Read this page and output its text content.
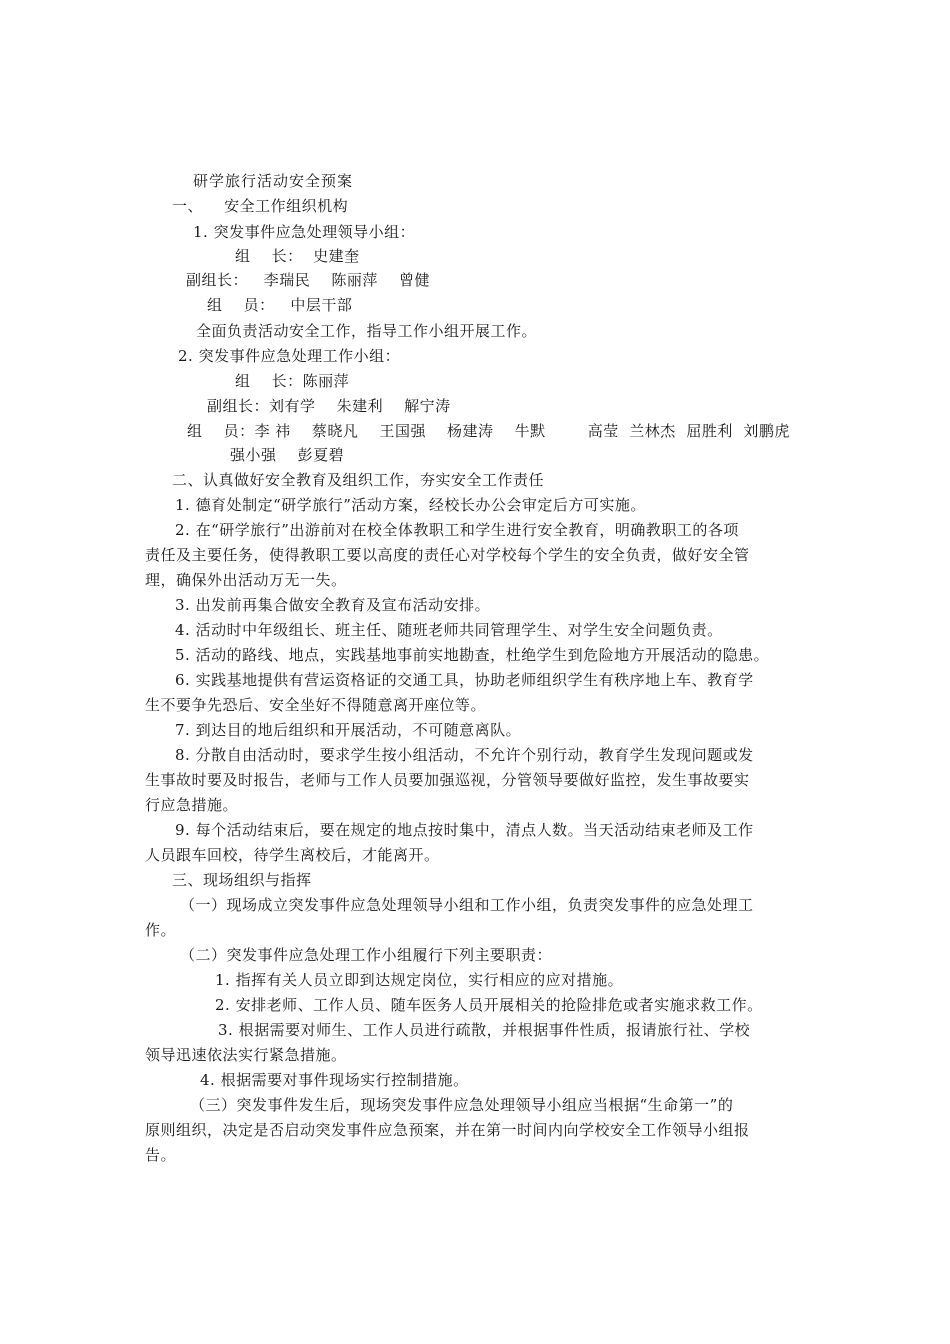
研学旅行活动安全预案

一、    安全工作组织机构

1. 突发事件应急处理领导小组：

组    长：  史建奎

副组长：   李瑞民    陈丽萍    曾健

组    员：   中层干部

全面负责活动安全工作，指导工作小组开展工作。

2. 突发事件应急处理工作小组：

组    长：陈丽萍

副组长：刘有学    朱建利    解宁涛

组    员：李 祎    蔡晓凡    王国强    杨建涛    牛默        高莹  兰林杰  屈胜利  刘鹏虎

强小强    彭夏碧

二、认真做好安全教育及组织工作，夯实安全工作责任

1. 德育处制定“研学旅行”活动方案，经校长办公会审定后方可实施。

2. 在“研学旅行”出游前对在校全体教职工和学生进行安全教育，明确教职工的各项

责任及主要任务，使得教职工要以高度的责任心对学校每个学生的安全负责，做好安全管

理，确保外出活动万无一失。

3. 出发前再集合做安全教育及宣布活动安排。

4. 活动时中年级组长、班主任、随班老师共同管理学生、对学生安全问题负责。

5. 活动的路线、地点，实践基地事前实地勘查，杜绝学生到危险地方开展活动的隐患。

6. 实践基地提供有营运资格证的交通工具，协助老师组织学生有秩序地上车、教育学

生不要争先恐后、安全坐好不得随意离开座位等。

7. 到达目的地后组织和开展活动，不可随意离队。

8. 分散自由活动时，要求学生按小组活动，不允许个别行动，教育学生发现问题或发

生事故时要及时报告，老师与工作人员要加强巡视，分管领导要做好监控，发生事故要实

行应急措施。

9. 每个活动结束后，要在规定的地点按时集中，清点人数。当天活动结束老师及工作

人员跟车回校，待学生离校后，才能离开。

三、现场组织与指挥

（一）现场成立突发事件应急处理领导小组和工作小组，负责突发事件的应急处理工

作。

（二）突发事件应急处理工作小组履行下列主要职责：

1. 指挥有关人员立即到达规定岗位，实行相应的应对措施。

2. 安排老师、工作人员、随车医务人员开展相关的抢险排危或者实施求救工作。

3. 根据需要对师生、工作人员进行疏散，并根据事件性质，报请旅行社、学校

领导迅速依法实行紧急措施。

4. 根据需要对事件现场实行控制措施。

（三）突发事件发生后，现场突发事件应急处理领导小组应当根据“生命第一”的

原则组织，决定是否启动突发事件应急预案，并在第一时间内向学校安全工作领导小组报

告。
